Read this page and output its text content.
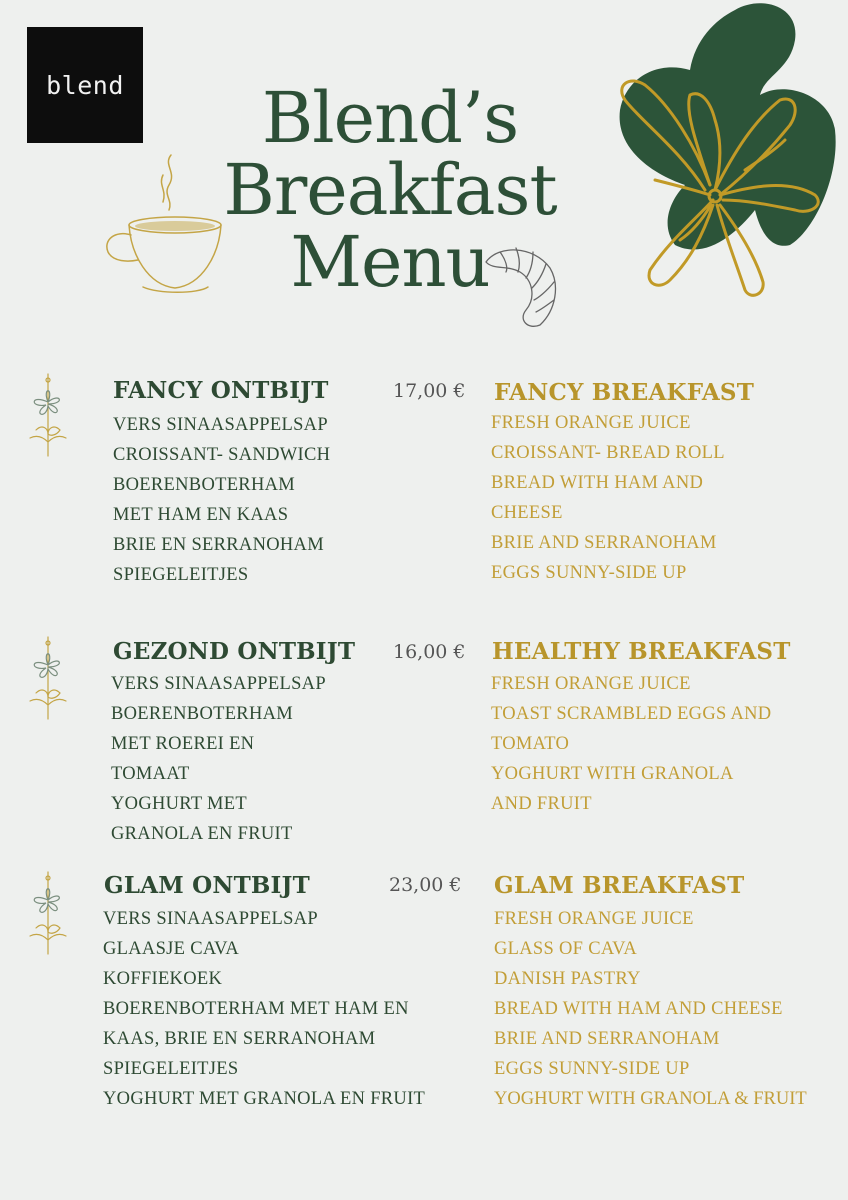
blend	Blend’s
Breakfast
Menu
FANCY ONTBIJT	17,00 € FANCY BREAKFAST
VERS SINAASAPPELSAP
CROISSANT- SANDWICH
BOERENBOTERHAM
MET HAM EN KAAS
BRIE EN SERRANOHAM
SPIEGELEITJES
FRESH ORANGE JUICE
CROISSANT- BREAD ROLL
BREAD WITH HAM AND
CHEESE
BRIE AND SERRANOHAM
EGGS SUNNY-SIDE UP
GEZOND ONTBIJT 16,00 € HEALTHY BREAKFAST
VERS SINAASAPPELSAP
BOERENBOTERHAM
MET ROEREI EN
TOMAAT
YOGHURT MET
GRANOLA EN FRUIT
FRESH ORANGE JUICE
TOAST SCRAMBLED EGGS AND
TOMATO
YOGHURT WITH GRANOLA
AND FRUIT
GLAM ONTBIJT	23,00 € GLAM BREAKFAST
VERS SINAASAPPELSAP
GLAASJE CAVA
KOFFIEKOEK
BOERENBOTERHAM MET HAM EN
KAAS, BRIE EN SERRANOHAM
SPIEGELEITJES
YOGHURT MET GRANOLA EN FRUIT
FRESH ORANGE JUICE
GLASS OF CAVA
DANISH PASTRY
BREAD WITH HAM AND CHEESE
BRIE AND SERRANOHAM
EGGS SUNNY-SIDE UP
YOGHURT WITH GRANOLA & FRUIT
